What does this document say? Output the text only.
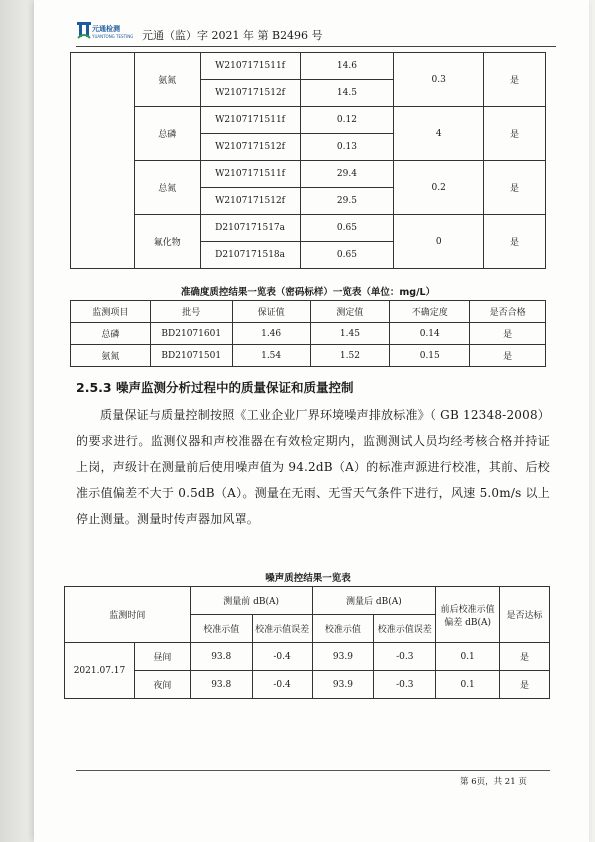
元通检测
YUANTONG TESTING 元通（监）字 2021 年 第 B2496 号
	氨氮	W2107171511f	14.6	0.3	是
		W2107171512f	14.5		
	总磷	W2107171511f	0.12	4	是
		W2107171512f	0.13		
	总氮	W2107171511f	29.4	0.2	是
		W2107171512f	29.5		
	氟化物	D2107171517a	0.65	0	是
		D2107171518a	0.65		
准确度质控结果一览表（密码标样）一览表（单位：mg/L）
监测项目	批号	保证值	测定值	不确定度	是否合格
总磷	BD21071601	1.46	1.45	0.14	是
氨氮	BD21071501	1.54	1.52	0.15	是
2.5.3 噪声监测分析过程中的质量保证和质量控制
质量保证与质量控制按照《工业企业厂界环境噪声排放标准》（ GB 12348-2008）的要求进行。监测仪器和声校准器在有效检定期内，监测测试人员均经考核合格并持证上岗，声级计在测量前后使用噪声值为 94.2dB（A）的标准声源进行校准，其前、后校准示值偏差不大于 0.5dB（A）。测量在无雨、无雪天气条件下进行，风速 5.0m/s 以上停止测量。测量时传声器加风罩。
噪声质控结果一览表
监测时间		测量前 dB(A)		测量后 dB(A)		前后校准示值偏差 dB(A)	是否达标
		校准示值	校准示值误差	校准示值	校准示值误差		
2021.07.17	昼间	93.8	-0.4	93.9	-0.3	0.1	是
	夜间	93.8	-0.4	93.9	-0.3	0.1	是
第 6页，共 21 页
